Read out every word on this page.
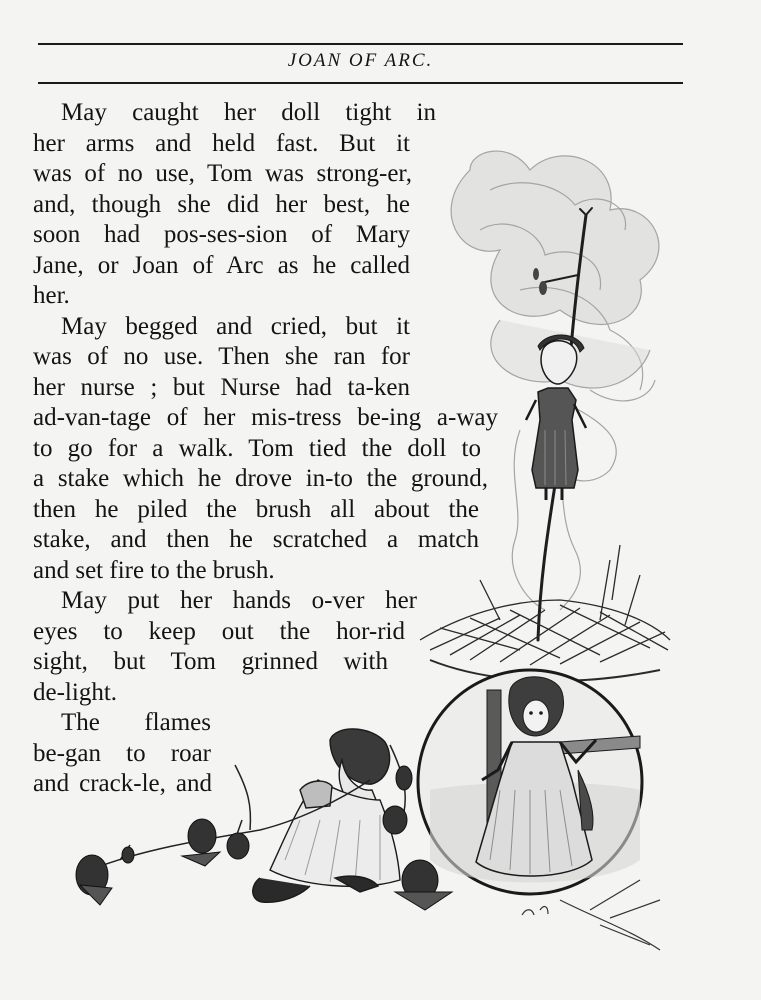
JOAN OF ARC.
May caught her doll tight in
her arms and held fast. But it
was of no use, Tom was strong-er,
and, though she did her best, he
soon had pos-ses-sion of Mary
Jane, or Joan of Arc as he called
her.
May begged and cried, but it
was of no use. Then she ran for
her nurse ; but Nurse had ta-ken
ad-van-tage of her mis-tress be-ing a-way
to go for a walk. Tom tied the doll to
a stake which he drove in-to the ground,
then he piled the brush all about the
stake, and then he scratched a match
and set fire to the brush.
May put her hands o-ver her
eyes to keep out the hor-rid
sight, but Tom grinned with
de-light.
The flames
be-gan to roar
and crack-le, and
